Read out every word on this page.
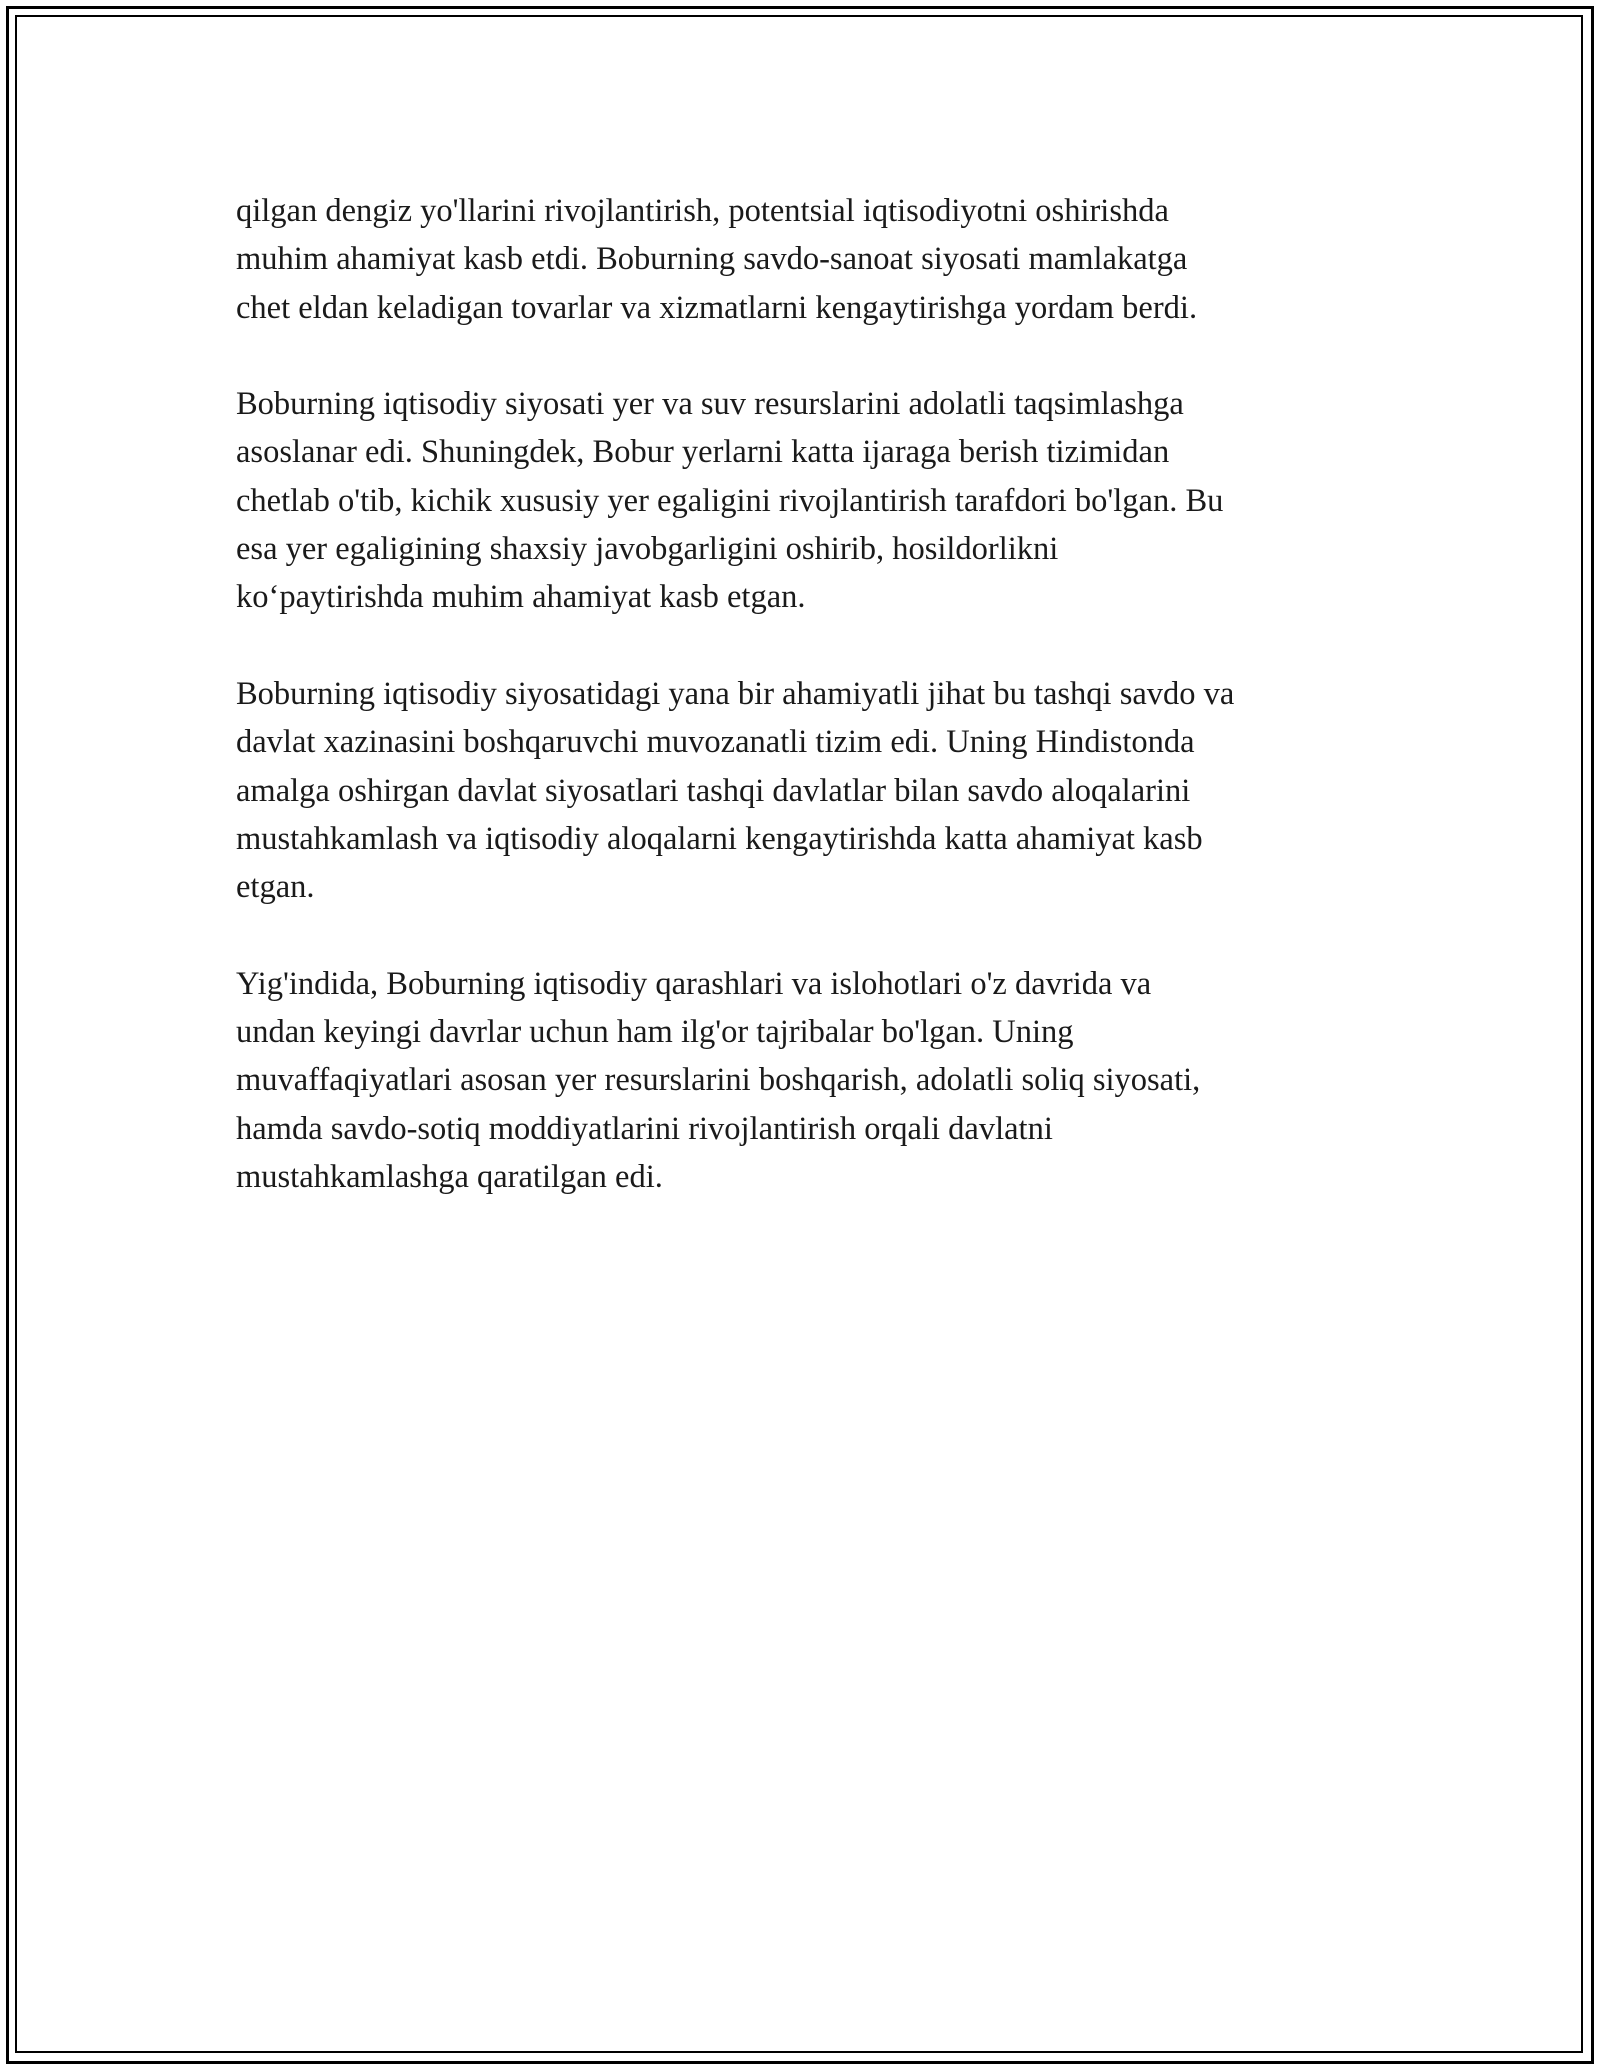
qilgan dengiz yo'llarini rivojlantirish, potentsial iqtisodiyotni oshirishda
muhim ahamiyat kasb etdi. Boburning savdo-sanoat siyosati mamlakatga
chet eldan keladigan tovarlar va xizmatlarni kengaytirishga yordam berdi.

Boburning iqtisodiy siyosati yer va suv resurslarini adolatli taqsimlashga
asoslanar edi. Shuningdek, Bobur yerlarni katta ijaraga berish tizimidan
chetlab o'tib, kichik xususiy yer egaligini rivojlantirish tarafdori bo'lgan. Bu
esa yer egaligining shaxsiy javobgarligini oshirib, hosildorlikni
ko‘paytirishda muhim ahamiyat kasb etgan.

Boburning iqtisodiy siyosatidagi yana bir ahamiyatli jihat bu tashqi savdo va
davlat xazinasini boshqaruvchi muvozanatli tizim edi. Uning Hindistonda
amalga oshirgan davlat siyosatlari tashqi davlatlar bilan savdo aloqalarini
mustahkamlash va iqtisodiy aloqalarni kengaytirishda katta ahamiyat kasb
etgan.

Yig'indida, Boburning iqtisodiy qarashlari va islohotlari o'z davrida va
undan keyingi davrlar uchun ham ilg'or tajribalar bo'lgan. Uning
muvaffaqiyatlari asosan yer resurslarini boshqarish, adolatli soliq siyosati,
hamda savdo-sotiq moddiyatlarini rivojlantirish orqali davlatni
mustahkamlashga qaratilgan edi.
